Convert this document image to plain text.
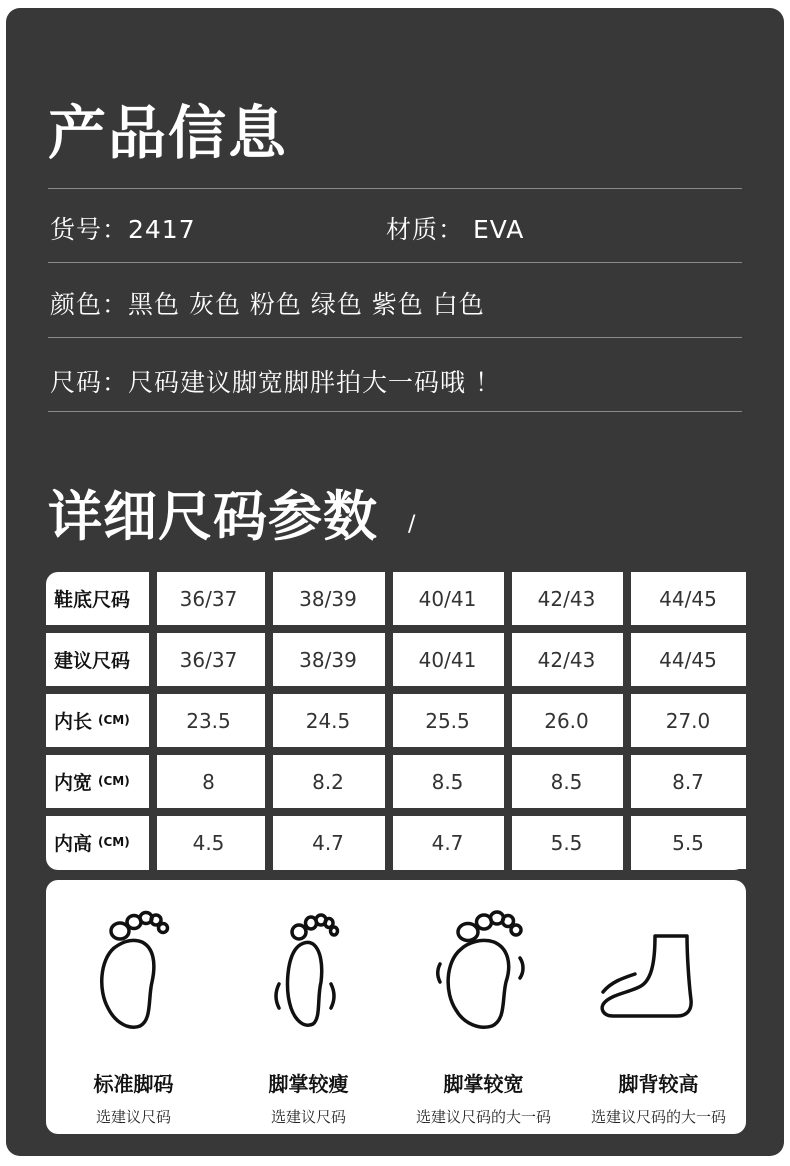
产品信息
货号：2417	材质： EVA
颜色：黑色 灰色 粉色 绿色 紫色 白色
尺码：尺码建议脚宽脚胖拍大一码哦 ！
详细尺码参数 /
鞋底尺码	36/37	38/39	40/41	42/43	44/45
建议尺码	36/37	38/39	40/41	42/43	44/45
内长 (CM)	23.5	24.5	25.5	26.0	27.0
内宽 (CM)	8	8.2	8.5	8.5	8.7
内高 (CM)	4.5	4.7	4.7	5.5	5.5
标准脚码
选建议尺码
脚掌较瘦
选建议尺码
脚掌较宽
选建议尺码的大一码
脚背较高
选建议尺码的大一码
